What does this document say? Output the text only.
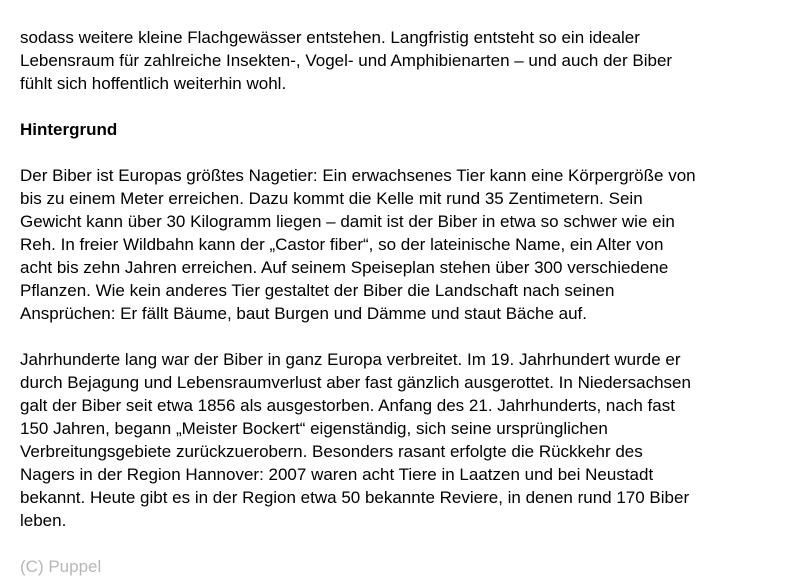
sodass weitere kleine Flachgewässer entstehen. Langfristig entsteht so ein idealer
Lebensraum für zahlreiche Insekten-, Vogel- und Amphibienarten – und auch der Biber
fühlt sich hoffentlich weiterhin wohl.
Hintergrund
Der Biber ist Europas größtes Nagetier: Ein erwachsenes Tier kann eine Körpergröße von
bis zu einem Meter erreichen. Dazu kommt die Kelle mit rund 35 Zentimetern. Sein
Gewicht kann über 30 Kilogramm liegen – damit ist der Biber in etwa so schwer wie ein
Reh. In freier Wildbahn kann der „Castor fiber“, so der lateinische Name, ein Alter von
acht bis zehn Jahren erreichen. Auf seinem Speiseplan stehen über 300 verschiedene
Pflanzen. Wie kein anderes Tier gestaltet der Biber die Landschaft nach seinen
Ansprüchen: Er fällt Bäume, baut Burgen und Dämme und staut Bäche auf.
Jahrhunderte lang war der Biber in ganz Europa verbreitet. Im 19. Jahrhundert wurde er
durch Bejagung und Lebensraumverlust aber fast gänzlich ausgerottet. In Niedersachsen
galt der Biber seit etwa 1856 als ausgestorben. Anfang des 21. Jahrhunderts, nach fast
150 Jahren, begann „Meister Bockert“ eigenständig, sich seine ursprünglichen
Verbreitungsgebiete zurückzuerobern. Besonders rasant erfolgte die Rückkehr des
Nagers in der Region Hannover: 2007 waren acht Tiere in Laatzen und bei Neustadt
bekannt. Heute gibt es in der Region etwa 50 bekannte Reviere, in denen rund 170 Biber
leben.
(C) Puppel
